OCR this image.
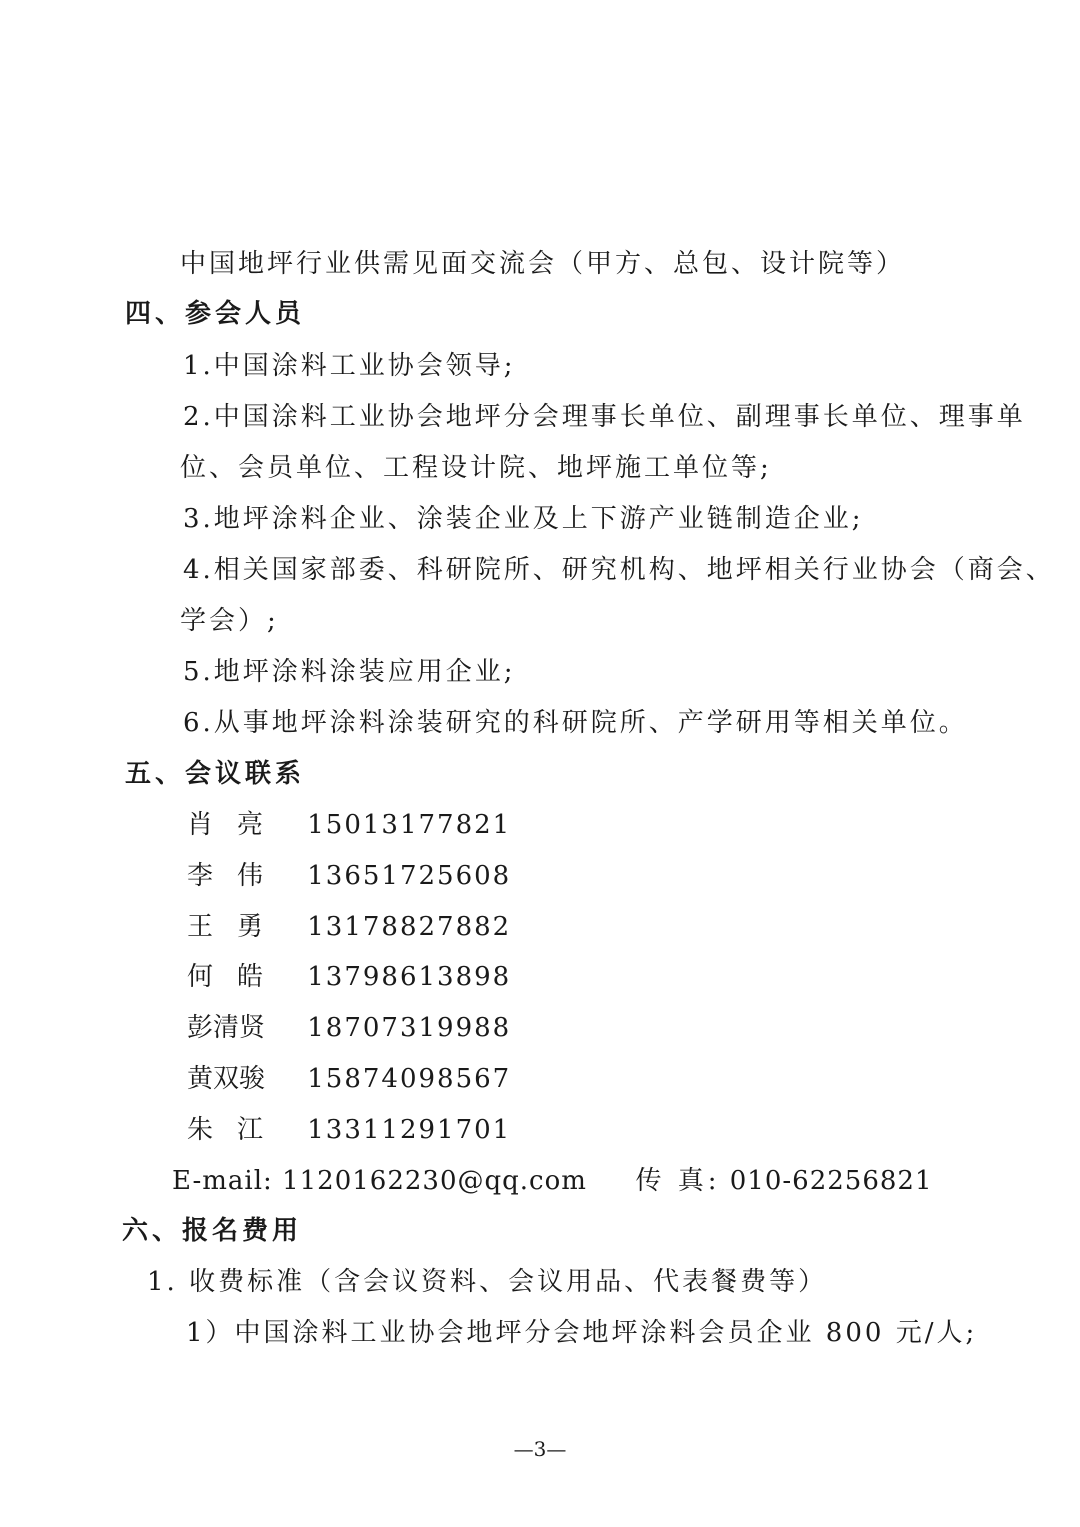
中国地坪行业供需见面交流会（甲方、总包、设计院等）
四、参会人员
1.中国涂料工业协会领导;
2.中国涂料工业协会地坪分会理事长单位、副理事长单位、理事单
位、会员单位、工程设计院、地坪施工单位等;
3.地坪涂料企业、涂装企业及上下游产业链制造企业;
4.相关国家部委、科研院所、研究机构、地坪相关行业协会（商会、
学会）;
5.地坪涂料涂装应用企业;
6.从事地坪涂料涂装研究的科研院所、产学研用等相关单位。
五、会议联系
肖亮 15013177821
李伟 13651725608
王勇 13178827882
何皓 13798613898
彭清贤 18707319988
黄双骏 15874098567
朱江 13311291701
E-mail: 1120162230@qq.com 传 真: 010-62256821
六、报名费用
1. 收费标准（含会议资料、会议用品、代表餐费等）
1）中国涂料工业协会地坪分会地坪涂料会员企业 800 元/人;
—3—
